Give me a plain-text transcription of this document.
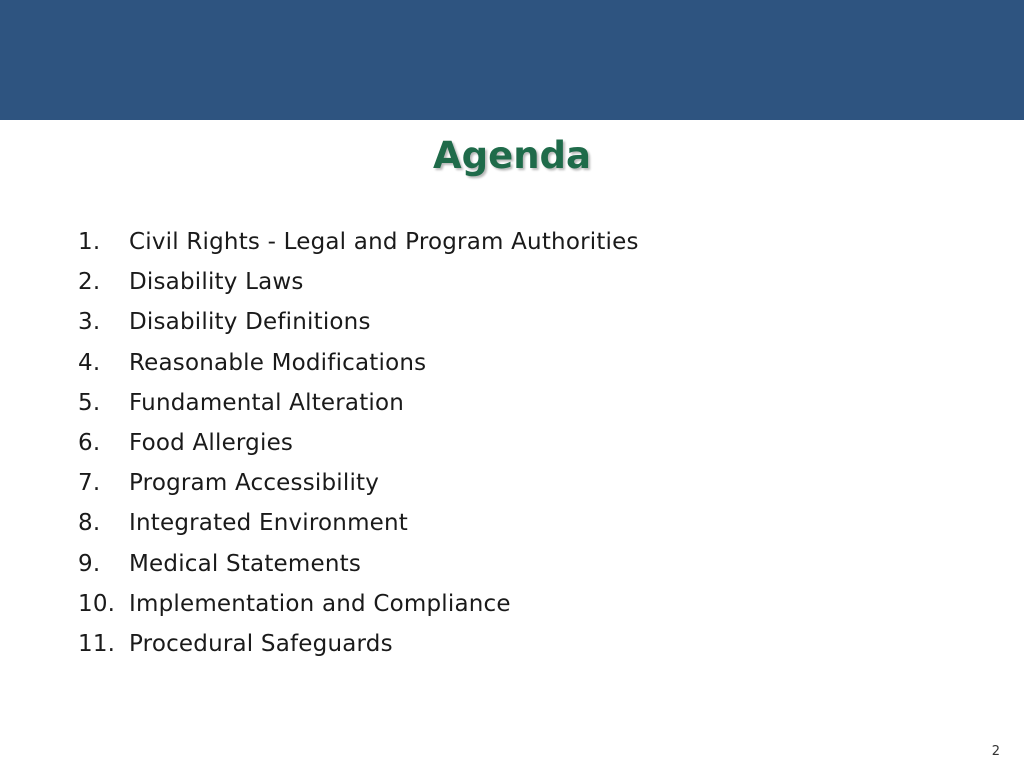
Agenda
1.	Civil Rights - Legal and Program Authorities
2.	Disability Laws
3.	Disability Definitions
4.	Reasonable Modifications
5.	Fundamental Alteration
6.	Food Allergies
7.	Program Accessibility
8.	Integrated Environment
9.	Medical Statements
10. Implementation and Compliance
11. Procedural Safeguards
2
